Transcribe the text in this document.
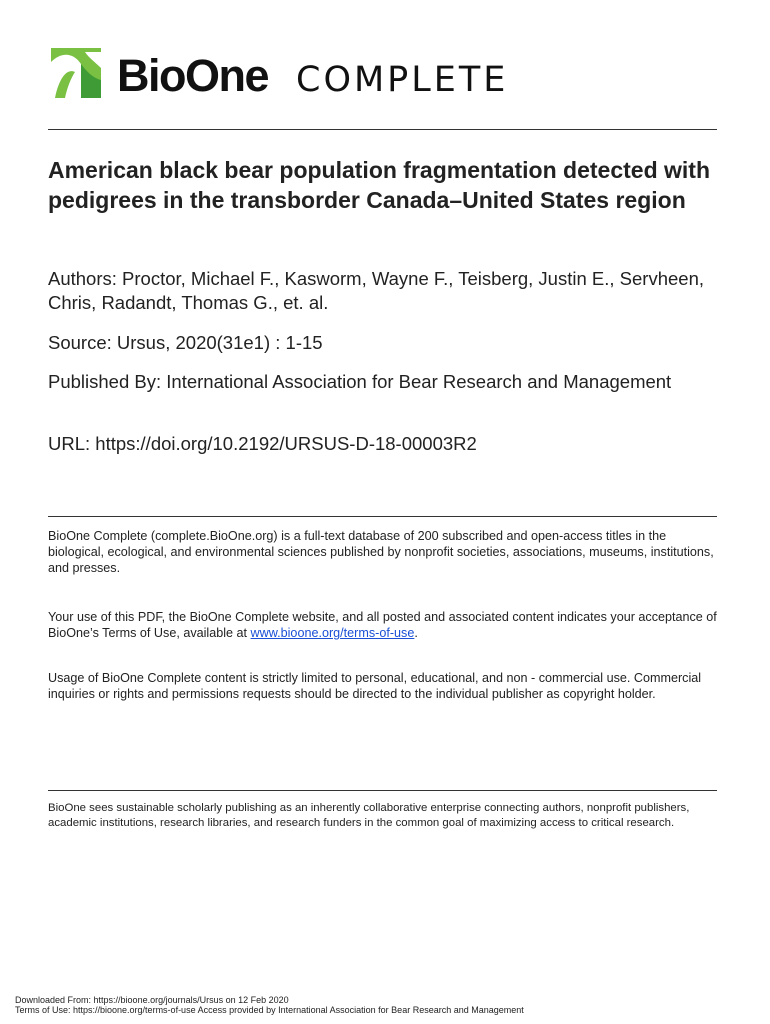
BioOne COMPLETE
American black bear population fragmentation detected with pedigrees in the transborder Canada–United States region
Authors: Proctor, Michael F., Kasworm, Wayne F., Teisberg, Justin E., Servheen, Chris, Radandt, Thomas G., et. al.
Source: Ursus, 2020(31e1) : 1-15
Published By: International Association for Bear Research and Management
URL: https://doi.org/10.2192/URSUS-D-18-00003R2
BioOne Complete (complete.BioOne.org) is a full-text database of 200 subscribed and open-access titles in the biological, ecological, and environmental sciences published by nonprofit societies, associations, museums, institutions, and presses.
Your use of this PDF, the BioOne Complete website, and all posted and associated content indicates your acceptance of BioOne’s Terms of Use, available at www.bioone.org/terms-of-use.
Usage of BioOne Complete content is strictly limited to personal, educational, and non - commercial use. Commercial inquiries or rights and permissions requests should be directed to the individual publisher as copyright holder.
BioOne sees sustainable scholarly publishing as an inherently collaborative enterprise connecting authors, nonprofit publishers, academic institutions, research libraries, and research funders in the common goal of maximizing access to critical research.
Downloaded From: https://bioone.org/journals/Ursus on 12 Feb 2020
Terms of Use: https://bioone.org/terms-of-use Access provided by International Association for Bear Research and Management
